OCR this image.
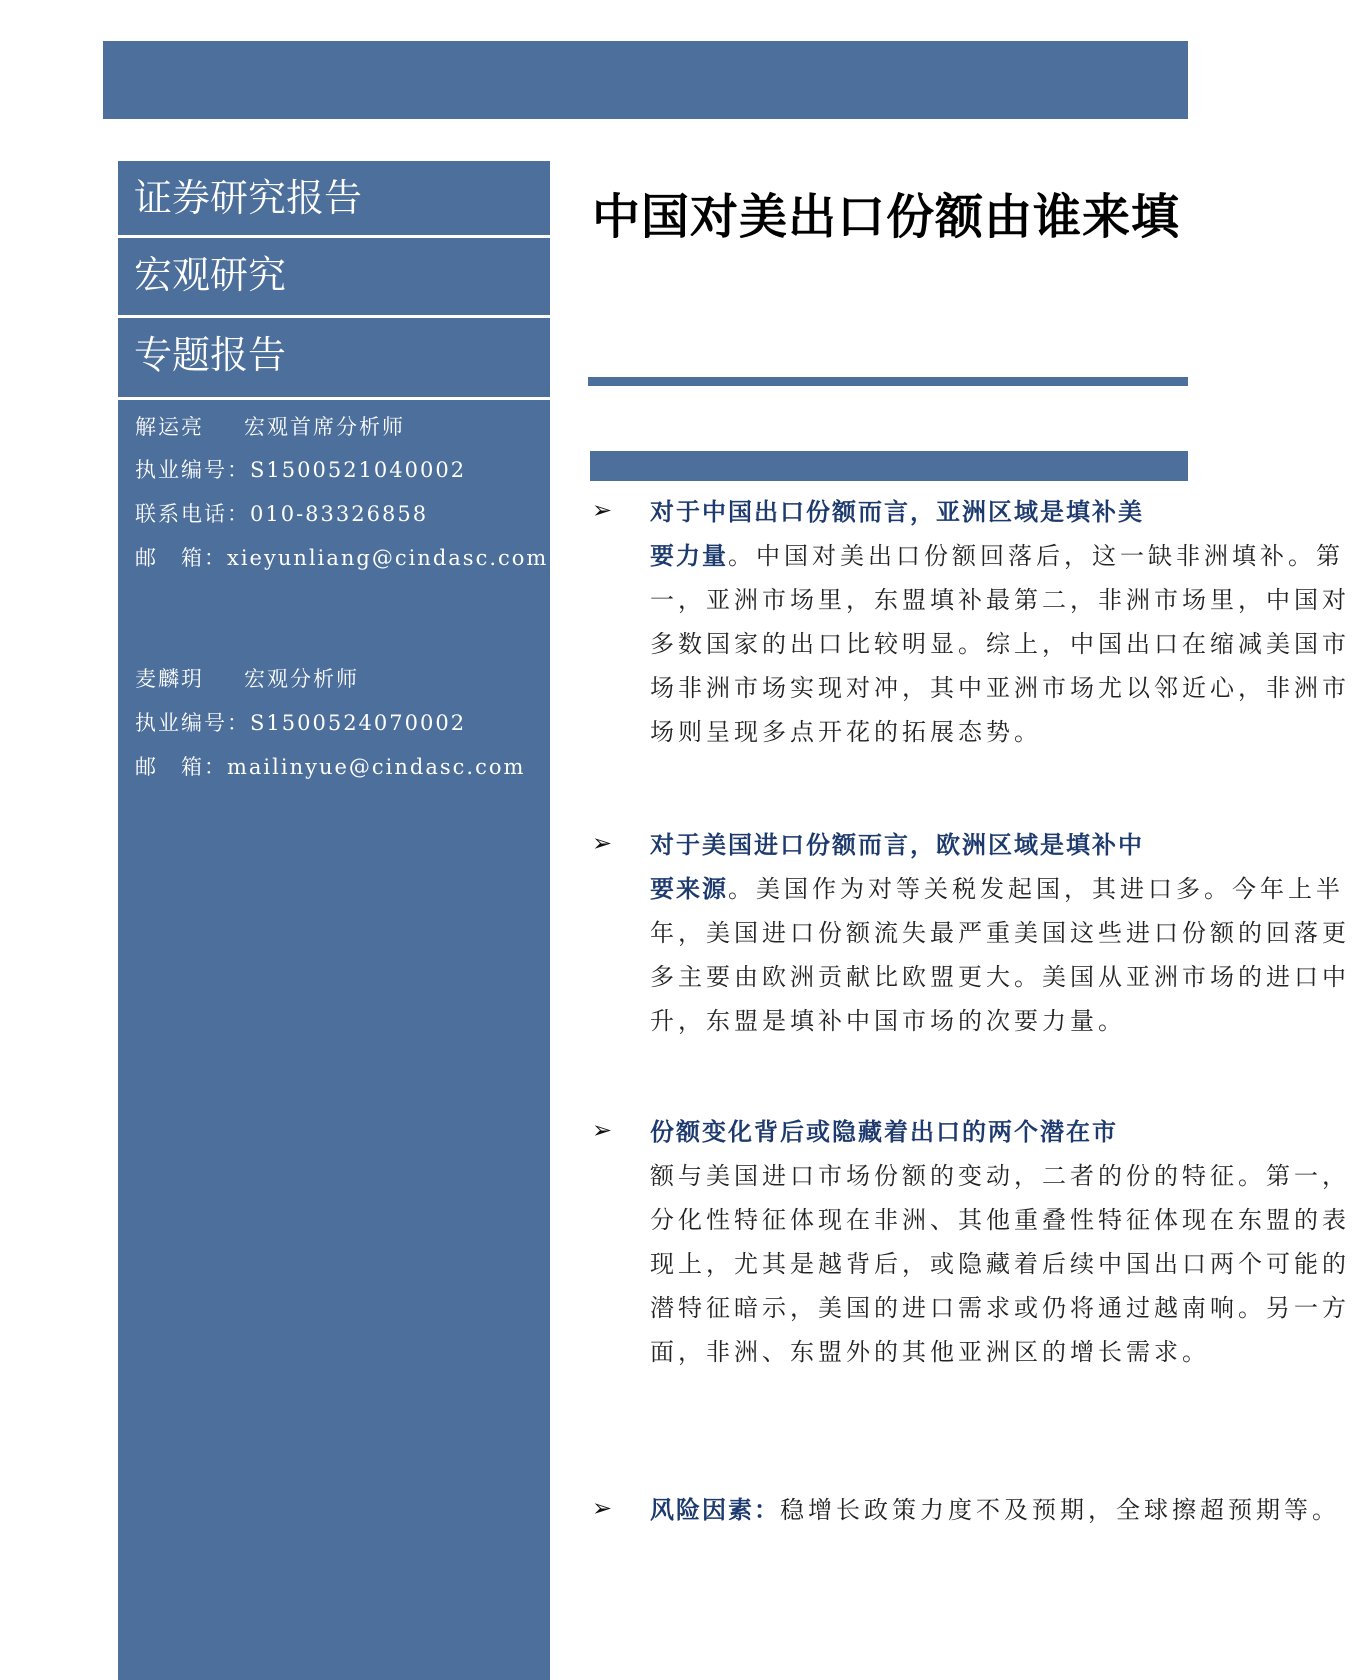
证券研究报告
宏观研究
专题报告
解运亮 宏观首席分析师
执业编号：S1500521040002
联系电话：010-83326858
邮　箱：xieyunliang@cindasc.com
麦麟玥 宏观分析师
执业编号：S1500524070002
邮　箱：mailinyue@cindasc.com
中国对美出口份额由谁来填
➢ 对于中国出口份额而言，亚洲区域是填补美
要力量。中国对美出口份额回落后，这一缺非洲填补。第一，亚洲市场里，东盟填补最第二，非洲市场里，中国对多数国家的出口比较明显。综上，中国出口在缩减美国市场非洲市场实现对冲，其中亚洲市场尤以邻近心，非洲市场则呈现多点开花的拓展态势。
➢ 对于美国进口份额而言，欧洲区域是填补中
要来源。美国作为对等关税发起国，其进口多。今年上半年，美国进口份额流失最严重美国这些进口份额的回落更多主要由欧洲贡献比欧盟更大。美国从亚洲市场的进口中升，东盟是填补中国市场的次要力量。
➢ 份额变化背后或隐藏着出口的两个潜在市
额与美国进口市场份额的变动，二者的份的特征。第一，分化性特征体现在非洲、其他重叠性特征体现在东盟的表现上，尤其是越背后，或隐藏着后续中国出口两个可能的潜特征暗示，美国的进口需求或仍将通过越南响。另一方面，非洲、东盟外的其他亚洲区的增长需求。
➢ 风险因素：稳增长政策力度不及预期，全球擦超预期等。
